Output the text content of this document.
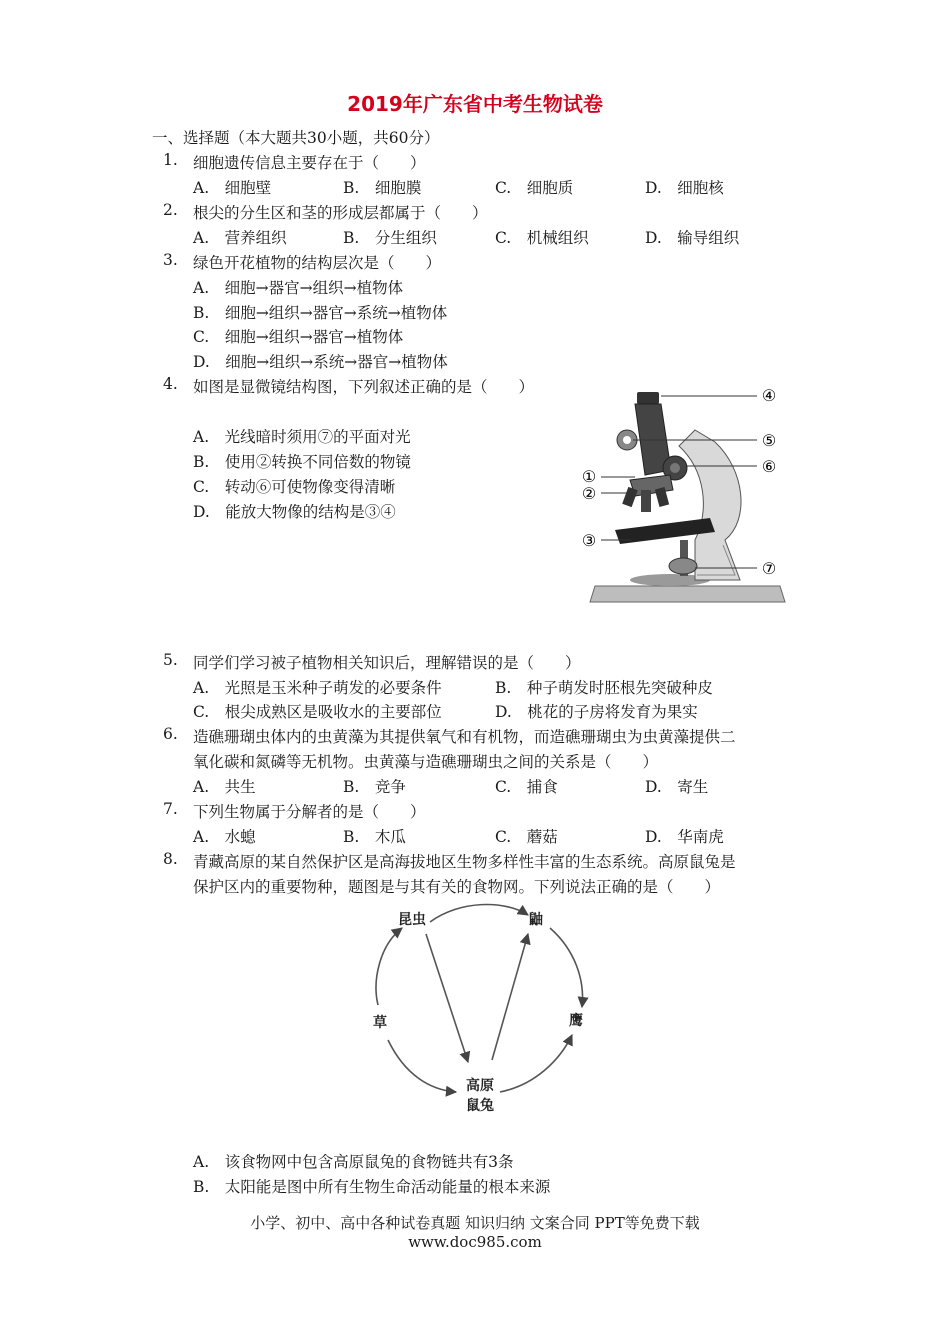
2019年广东省中考生物试卷
一、选择题（本大题共30小题，共60分）
1. 细胞遗传信息主要存在于（　　）
A.　细胞壁	B.　细胞膜	C.　细胞质	D.　细胞核
2. 根尖的分生区和茎的形成层都属于（　　）
A.　营养组织	B.　分生组织	C.　机械组织	D.　输导组织
3. 绿色开花植物的结构层次是（　　）
A.　细胞→器官→组织→植物体
B.　细胞→组织→器官→系统→植物体
C.　细胞→组织→器官→植物体
D.　细胞→组织→系统→器官→植物体
4. 如图是显微镜结构图，下列叙述正确的是（　　）
A.　光线暗时须用⑦的平面对光
B.　使用②转换不同倍数的物镜
C.　转动⑥可使物像变得清晰
D.　能放大物像的结构是③④
④
⑤
⑥
①
②
③
⑦
5. 同学们学习被子植物相关知识后，理解错误的是（　　）
A.　光照是玉米种子萌发的必要条件	B.　种子萌发时胚根先突破种皮
C.　根尖成熟区是吸收水的主要部位	D.　桃花的子房将发育为果实
6. 造礁珊瑚虫体内的虫黄藻为其提供氧气和有机物，而造礁珊瑚虫为虫黄藻提供二
氧化碳和氮磷等无机物。虫黄藻与造礁珊瑚虫之间的关系是（　　）
A.　共生	B.　竞争	C.　捕食	D.　寄生
7. 下列生物属于分解者的是（　　）
A.　水螅	B.　木瓜	C.　蘑菇	D.　华南虎
8. 青藏高原的某自然保护区是高海拔地区生物多样性丰富的生态系统。高原鼠兔是
保护区内的重要物种，题图是与其有关的食物网。下列说法正确的是（　　）
昆虫	鼬
草	鹰
高原
鼠兔
A.　该食物网中包含高原鼠兔的食物链共有3条
B.　太阳能是图中所有生物生命活动能量的根本来源
小学、初中、高中各种试卷真题 知识归纳 文案合同 PPT等免费下载
www.doc985.com
